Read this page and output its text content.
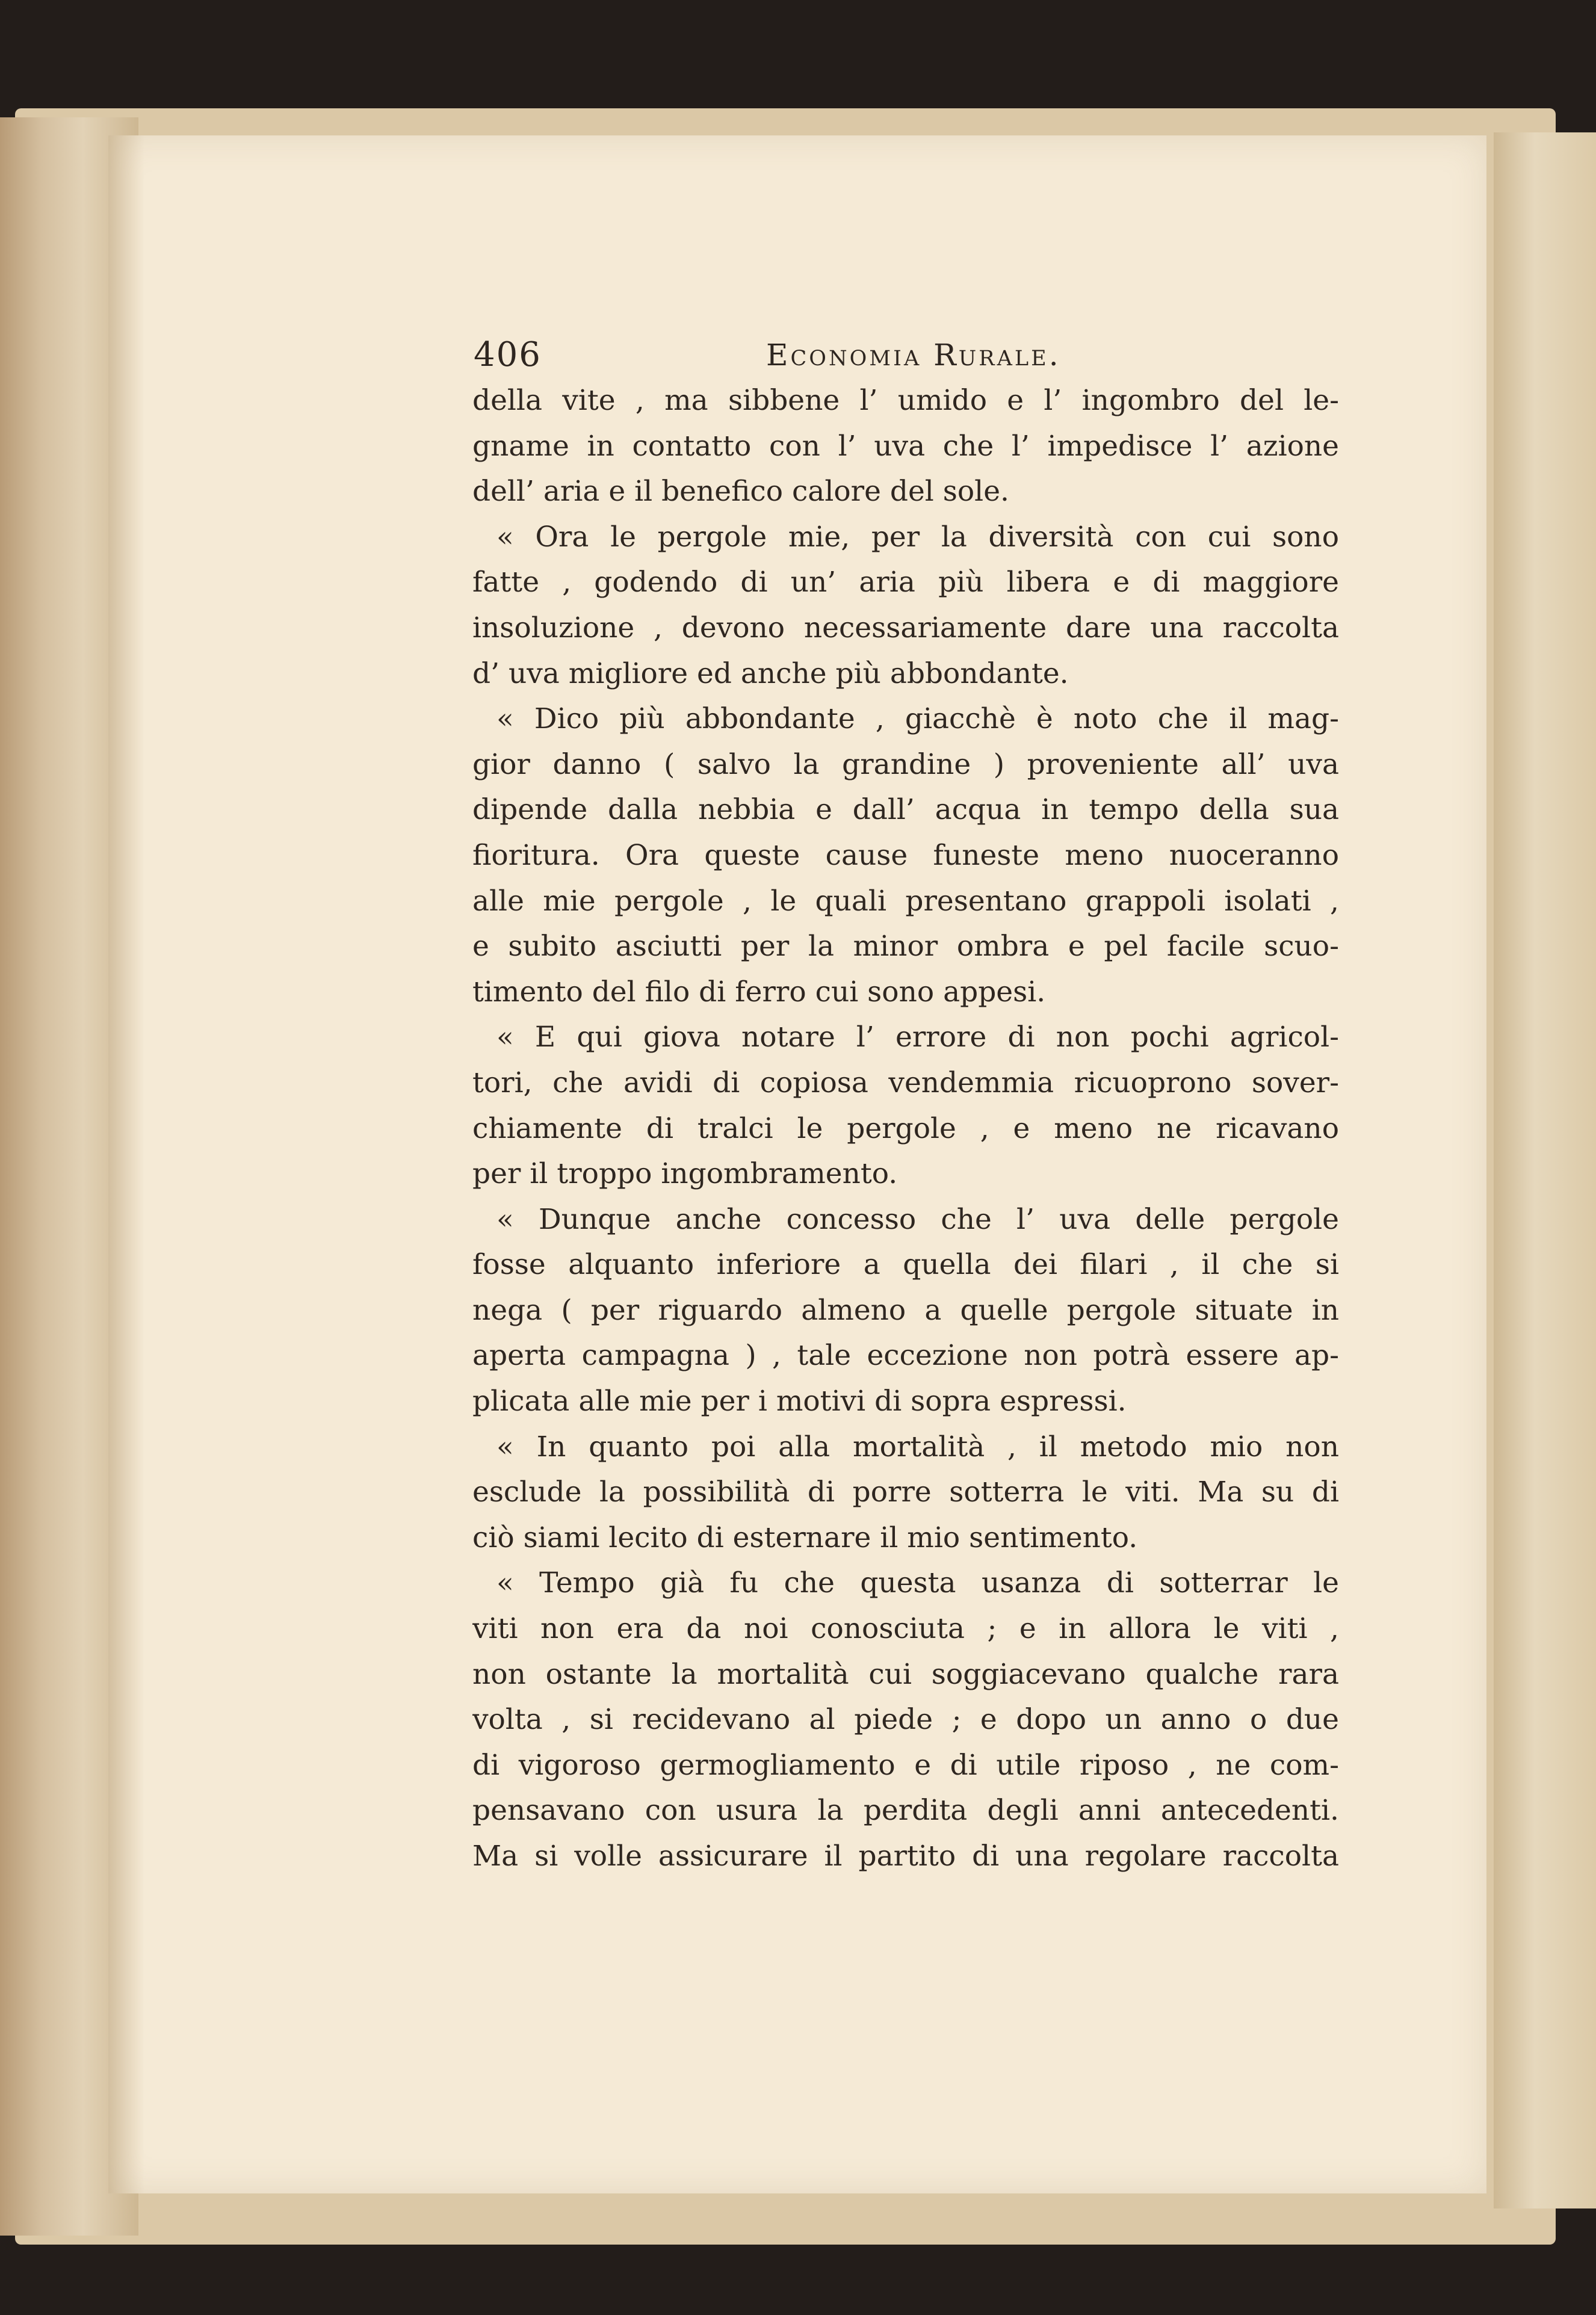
406	Economia Rurale.
della vite , ma sibbene l’ umido e l’ ingombro del le-
gname in contatto con l’ uva che l’ impedisce l’ azione
dell’ aria e il benefico calore del sole.
« Ora le pergole mie, per la diversità con cui sono
fatte , godendo di un’ aria più libera e di maggiore
insoluzione , devono necessariamente dare una raccolta
d’ uva migliore ed anche più abbondante.
« Dico più abbondante , giacchè è noto che il mag-
gior danno ( salvo la grandine ) proveniente all’ uva
dipende dalla nebbia e dall’ acqua in tempo della sua
fioritura. Ora queste cause funeste meno nuoceranno
alle mie pergole , le quali presentano grappoli isolati ,
e subito asciutti per la minor ombra e pel facile scuo-
timento del filo di ferro cui sono appesi.
« E qui giova notare l’ errore di non pochi agricol-
tori, che avidi di copiosa vendemmia ricuoprono sover-
chiamente di tralci le pergole , e meno ne ricavano
per il troppo ingombramento.
« Dunque anche concesso che l’ uva delle pergole
fosse alquanto inferiore a quella dei filari , il che si
nega ( per riguardo almeno a quelle pergole situate in
aperta campagna ) , tale eccezione non potrà essere ap-
plicata alle mie per i motivi di sopra espressi.
« In quanto poi alla mortalità , il metodo mio non
esclude la possibilità di porre sotterra le viti. Ma su di
ciò siami lecito di esternare il mio sentimento.
« Tempo già fu che questa usanza di sotterrar le
viti non era da noi conosciuta ; e in allora le viti ,
non ostante la mortalità cui soggiacevano qualche rara
volta , si recidevano al piede ; e dopo un anno o due
di vigoroso germogliamento e di utile riposo , ne com-
pensavano con usura la perdita degli anni antecedenti.
Ma si volle assicurare il partito di una regolare raccolta
